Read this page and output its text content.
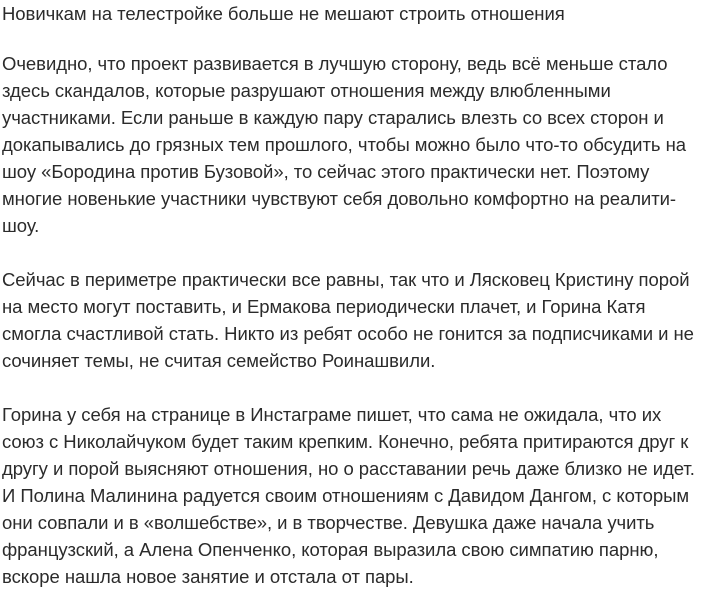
Новичкам на телестройке больше не мешают строить отношения

Очевидно, что проект развивается в лучшую сторону, ведь всё меньше стало здесь скандалов, которые разрушают отношения между влюбленными участниками. Если раньше в каждую пару старались влезть со всех сторон и докапывались до грязных тем прошлого, чтобы можно было что-то обсудить на шоу «Бородина против Бузовой», то сейчас этого практически нет. Поэтому многие новенькие участники чувствуют себя довольно комфортно на реалити-шоу.

Сейчас в периметре практически все равны, так что и Лясковец Кристину порой на место могут поставить, и Ермакова периодически плачет, и Горина Катя смогла счастливой стать. Никто из ребят особо не гонится за подписчиками и не сочиняет темы, не считая семейство Роинашвили.

Горина у себя на странице в Инстаграме пишет, что сама не ожидала, что их союз с Николайчуком будет таким крепким. Конечно, ребята притираются друг к другу и порой выясняют отношения, но о расставании речь даже близко не идет. И Полина Малинина радуется своим отношениям с Давидом Дангом, с которым они совпали и в «волшебстве», и в творчестве. Девушка даже начала учить французский, а Алена Опенченко, которая выразила свою симпатию парню, вскоре нашла новое занятие и отстала от пары.
